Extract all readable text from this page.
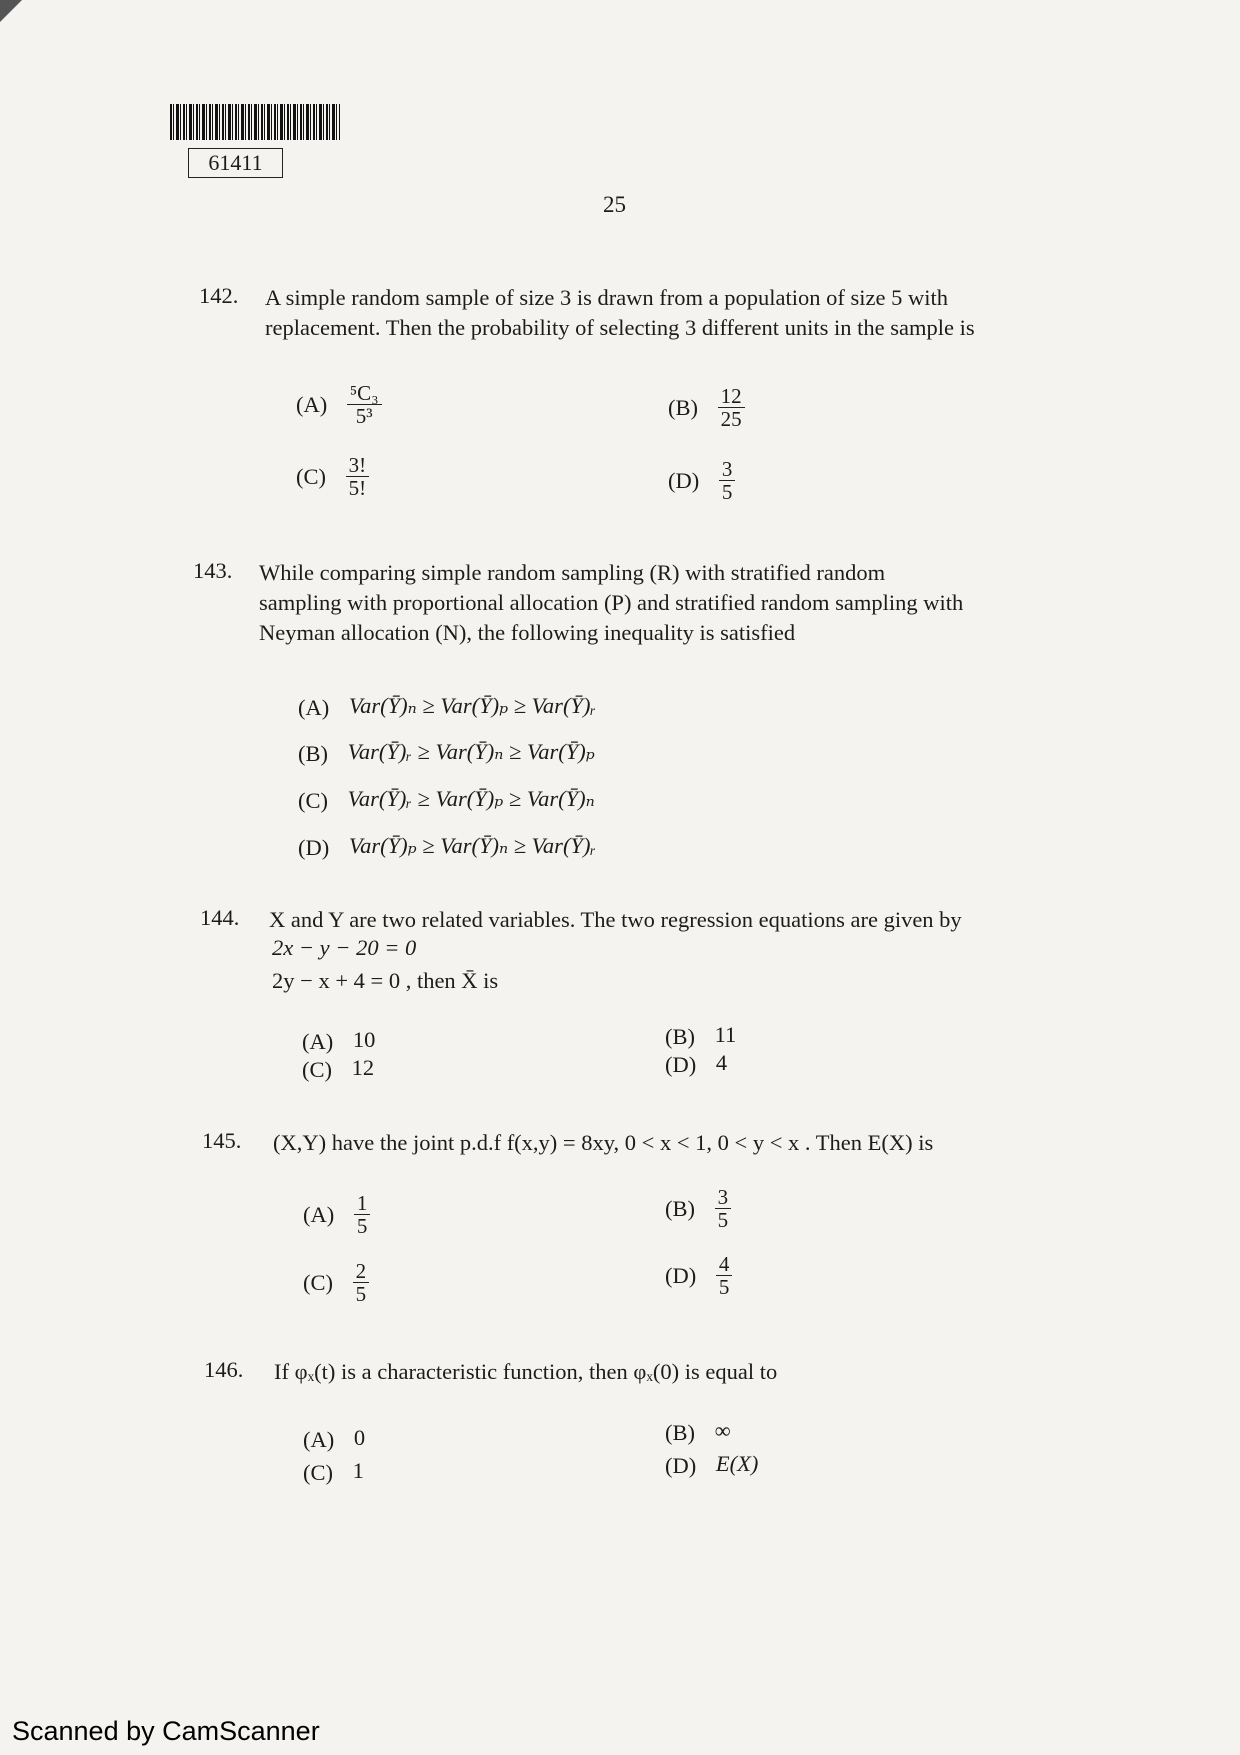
61411
25
142. A simple random sample of size 3 is drawn from a population of size 5 with
replacement. Then the probability of selecting 3 different units in the sample is
$(A) \frac{\text{⁵C₃}}{\text{5³}}$	$(B) \frac{12}{25}$
$(C) \frac{3!}{5!}$	$(D) \frac{3}{5}$
143. While comparing simple random sampling (R) with stratified random
sampling with proportional allocation (P) and stratified random sampling with
Neyman allocation (N), the following inequality is satisfied
(A) Var(Ȳ)ₙ ≥ Var(Ȳ)ₚ ≥ Var(Ȳ)ᵣ
(B) Var(Ȳ)ᵣ ≥ Var(Ȳ)ₙ ≥ Var(Ȳ)ₚ
(C) Var(Ȳ)ᵣ ≥ Var(Ȳ)ₚ ≥ Var(Ȳ)ₙ
(D) Var(Ȳ)ₚ ≥ Var(Ȳ)ₙ ≥ Var(Ȳ)ᵣ
144. X and Y are two related variables. The two regression equations are given by
2x − y − 20 = 0
2y − x + 4 = 0 , then X̄ is
(A) 10	(B) 11
(C) 12	(D) 4
145. (X,Y) have the joint p.d.f f(x,y) = 8xy, 0 < x < 1, 0 < y < x . Then E(X) is
$(A) \frac{1}{5}$	$(B) \frac{3}{5}$
$(C) \frac{2}{5}$	$(D) \frac{4}{5}$
146. If φₓ(t) is a characteristic function, then φₓ(0) is equal to
(A) 0	(B) ∞
(C) 1	(D) E(X)
Scanned by CamScanner
